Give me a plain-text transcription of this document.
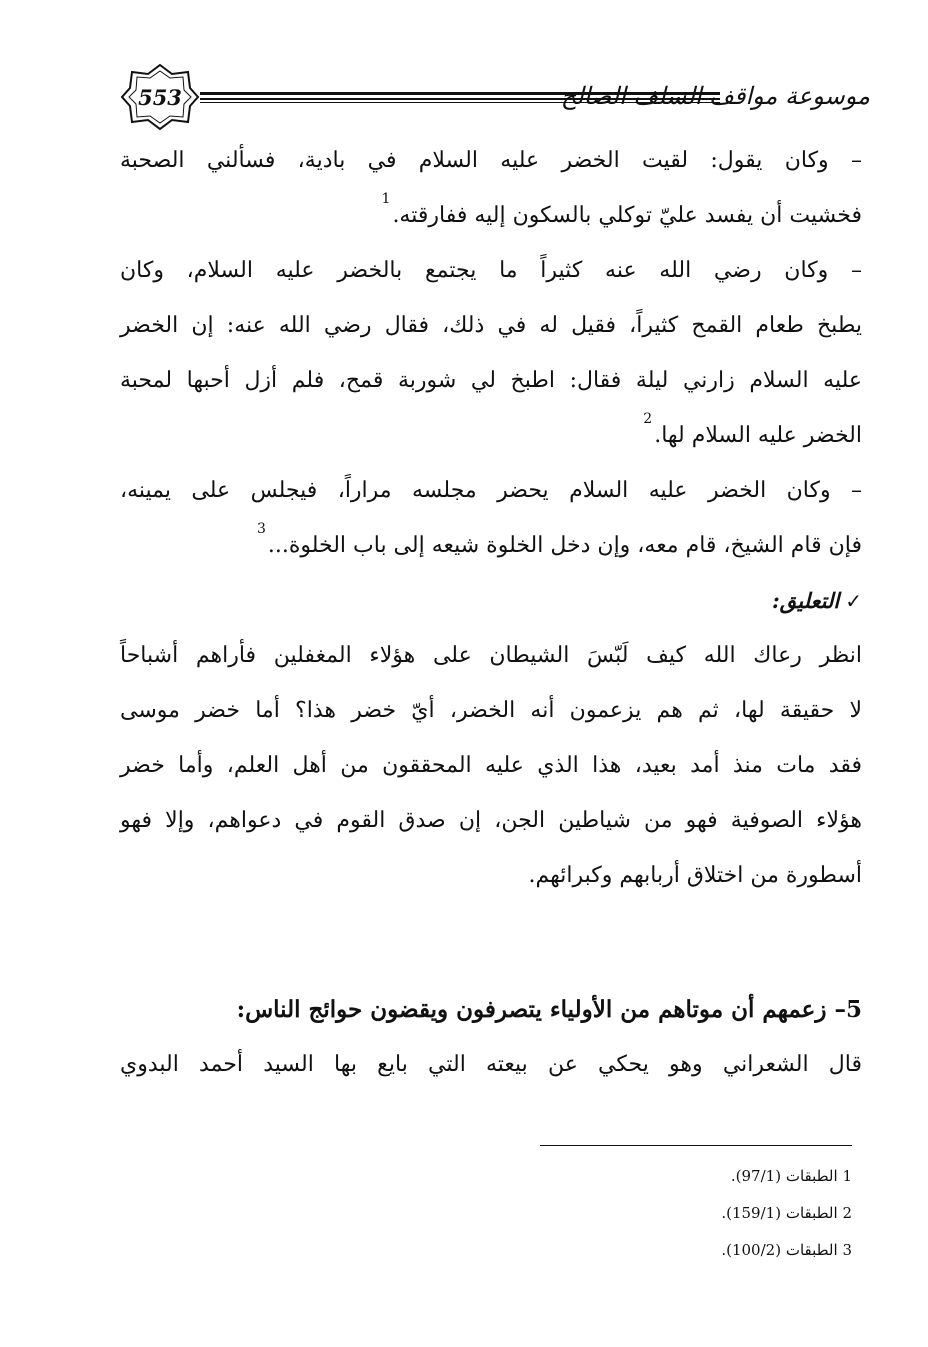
553	موسوعة مواقف السلف الصالح
– وكان يقول: لقيت الخضر عليه السلام في بادية، فسألني الصحبة
فخشيت أن يفسد عليّ توكلي بالسكون إليه ففارقته.$^1$
– وكان رضي الله عنه كثيراً ما يجتمع بالخضر عليه السلام، وكان
يطبخ طعام القمح كثيراً، فقيل له في ذلك، فقال رضي الله عنه: إن الخضر
عليه السلام زارني ليلة فقال: اطبخ لي شوربة قمح، فلم أزل أحبها لمحبة
الخضر عليه السلام لها.$^2$
– وكان الخضر عليه السلام يحضر مجلسه مراراً، فيجلس على يمينه،
فإن قام الشيخ، قام معه، وإن دخل الخلوة شيعه إلى باب الخلوة...$^3$
✓التعليق:
انظر رعاك الله كيف لَبّسَ الشيطان على هؤلاء المغفلين فأراهم أشباحاً
لا حقيقة لها، ثم هم يزعمون أنه الخضر، أيّ خضر هذا؟ أما خضر موسى
فقد مات منذ أمد بعيد، هذا الذي عليه المحققون من أهل العلم، وأما خضر
هؤلاء الصوفية فهو من شياطين الجن، إن صدق القوم في دعواهم، وإلا فهو
أسطورة من اختلاق أربابهم وكبرائهم.
5– زعمهم أن موتاهم من الأولياء يتصرفون ويقضون حوائج الناس:
قال الشعراني وهو يحكي عن بيعته التي بايع بها السيد أحمد البدوي
1 الطبقات (97/1).
2 الطبقات (159/1).
3 الطبقات (100/2).
